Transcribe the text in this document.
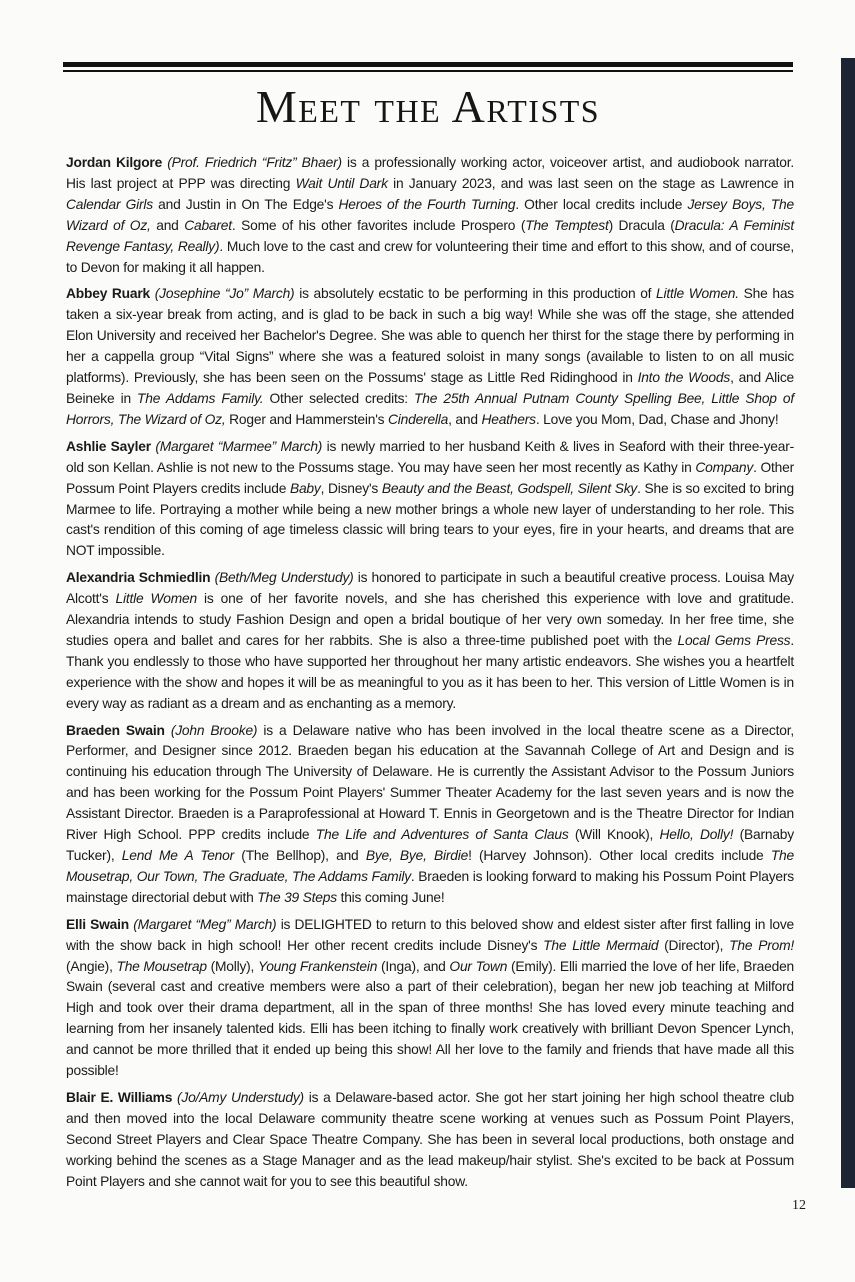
Meet the Artists

Jordan Kilgore (Prof. Friedrich “Fritz” Bhaer) is a professionally working actor, voiceover artist, and audiobook narrator. His last project at PPP was directing Wait Until Dark in January 2023, and was last seen on the stage as Lawrence in Calendar Girls and Justin in On The Edge's Heroes of the Fourth Turning. Other local credits include Jersey Boys, The Wizard of Oz, and Cabaret. Some of his other favorites include Prospero (The Temptest) Dracula (Dracula: A Feminist Revenge Fantasy, Really). Much love to the cast and crew for volunteering their time and effort to this show, and of course, to Devon for making it all happen.

Abbey Ruark (Josephine “Jo” March) is absolutely ecstatic to be performing in this production of Little Women. She has taken a six-year break from acting, and is glad to be back in such a big way! While she was off the stage, she attended Elon University and received her Bachelor's Degree. She was able to quench her thirst for the stage there by performing in her a cappella group “Vital Signs” where she was a featured soloist in many songs (available to listen to on all music platforms). Previously, she has been seen on the Possums' stage as Little Red Ridinghood in Into the Woods, and Alice Beineke in The Addams Family. Other selected credits: The 25th Annual Putnam County Spelling Bee, Little Shop of Horrors, The Wizard of Oz, Roger and Hammerstein's Cinderella, and Heathers. Love you Mom, Dad, Chase and Jhony!

Ashlie Sayler (Margaret “Marmee” March) is newly married to her husband Keith & lives in Seaford with their three-year-old son Kellan. Ashlie is not new to the Possums stage. You may have seen her most recently as Kathy in Company. Other Possum Point Players credits include Baby, Disney's Beauty and the Beast, Godspell, Silent Sky. She is so excited to bring Marmee to life. Portraying a mother while being a new mother brings a whole new layer of understanding to her role. This cast's rendition of this coming of age timeless classic will bring tears to your eyes, fire in your hearts, and dreams that are NOT impossible.

Alexandria Schmiedlin (Beth/Meg Understudy) is honored to participate in such a beautiful creative process. Louisa May Alcott's Little Women is one of her favorite novels, and she has cherished this experience with love and gratitude. Alexandria intends to study Fashion Design and open a bridal boutique of her very own someday. In her free time, she studies opera and ballet and cares for her rabbits. She is also a three-time published poet with the Local Gems Press. Thank you endlessly to those who have supported her throughout her many artistic endeavors. She wishes you a heartfelt experience with the show and hopes it will be as meaningful to you as it has been to her. This version of Little Women is in every way as radiant as a dream and as enchanting as a memory.

Braeden Swain (John Brooke) is a Delaware native who has been involved in the local theatre scene as a Director, Performer, and Designer since 2012. Braeden began his education at the Savannah College of Art and Design and is continuing his education through The University of Delaware. He is currently the Assistant Advisor to the Possum Juniors and has been working for the Possum Point Players' Summer Theater Academy for the last seven years and is now the Assistant Director. Braeden is a Paraprofessional at Howard T. Ennis in Georgetown and is the Theatre Director for Indian River High School. PPP credits include The Life and Adventures of Santa Claus (Will Knook), Hello, Dolly! (Barnaby Tucker), Lend Me A Tenor (The Bellhop), and Bye, Bye, Birdie! (Harvey Johnson). Other local credits include The Mousetrap, Our Town, The Graduate, The Addams Family. Braeden is looking forward to making his Possum Point Players mainstage directorial debut with The 39 Steps this coming June!

Elli Swain (Margaret “Meg” March) is DELIGHTED to return to this beloved show and eldest sister after first falling in love with the show back in high school! Her other recent credits include Disney's The Little Mermaid (Director), The Prom! (Angie), The Mousetrap (Molly), Young Frankenstein (Inga), and Our Town (Emily). Elli married the love of her life, Braeden Swain (several cast and creative members were also a part of their celebration), began her new job teaching at Milford High and took over their drama department, all in the span of three months! She has loved every minute teaching and learning from her insanely talented kids. Elli has been itching to finally work creatively with brilliant Devon Spencer Lynch, and cannot be more thrilled that it ended up being this show! All her love to the family and friends that have made all this possible!

Blair E. Williams (Jo/Amy Understudy) is a Delaware-based actor. She got her start joining her high school theatre club and then moved into the local Delaware community theatre scene working at venues such as Possum Point Players, Second Street Players and Clear Space Theatre Company. She has been in several local productions, both onstage and working behind the scenes as a Stage Manager and as the lead makeup/hair stylist. She's excited to be back at Possum Point Players and she cannot wait for you to see this beautiful show.

12
